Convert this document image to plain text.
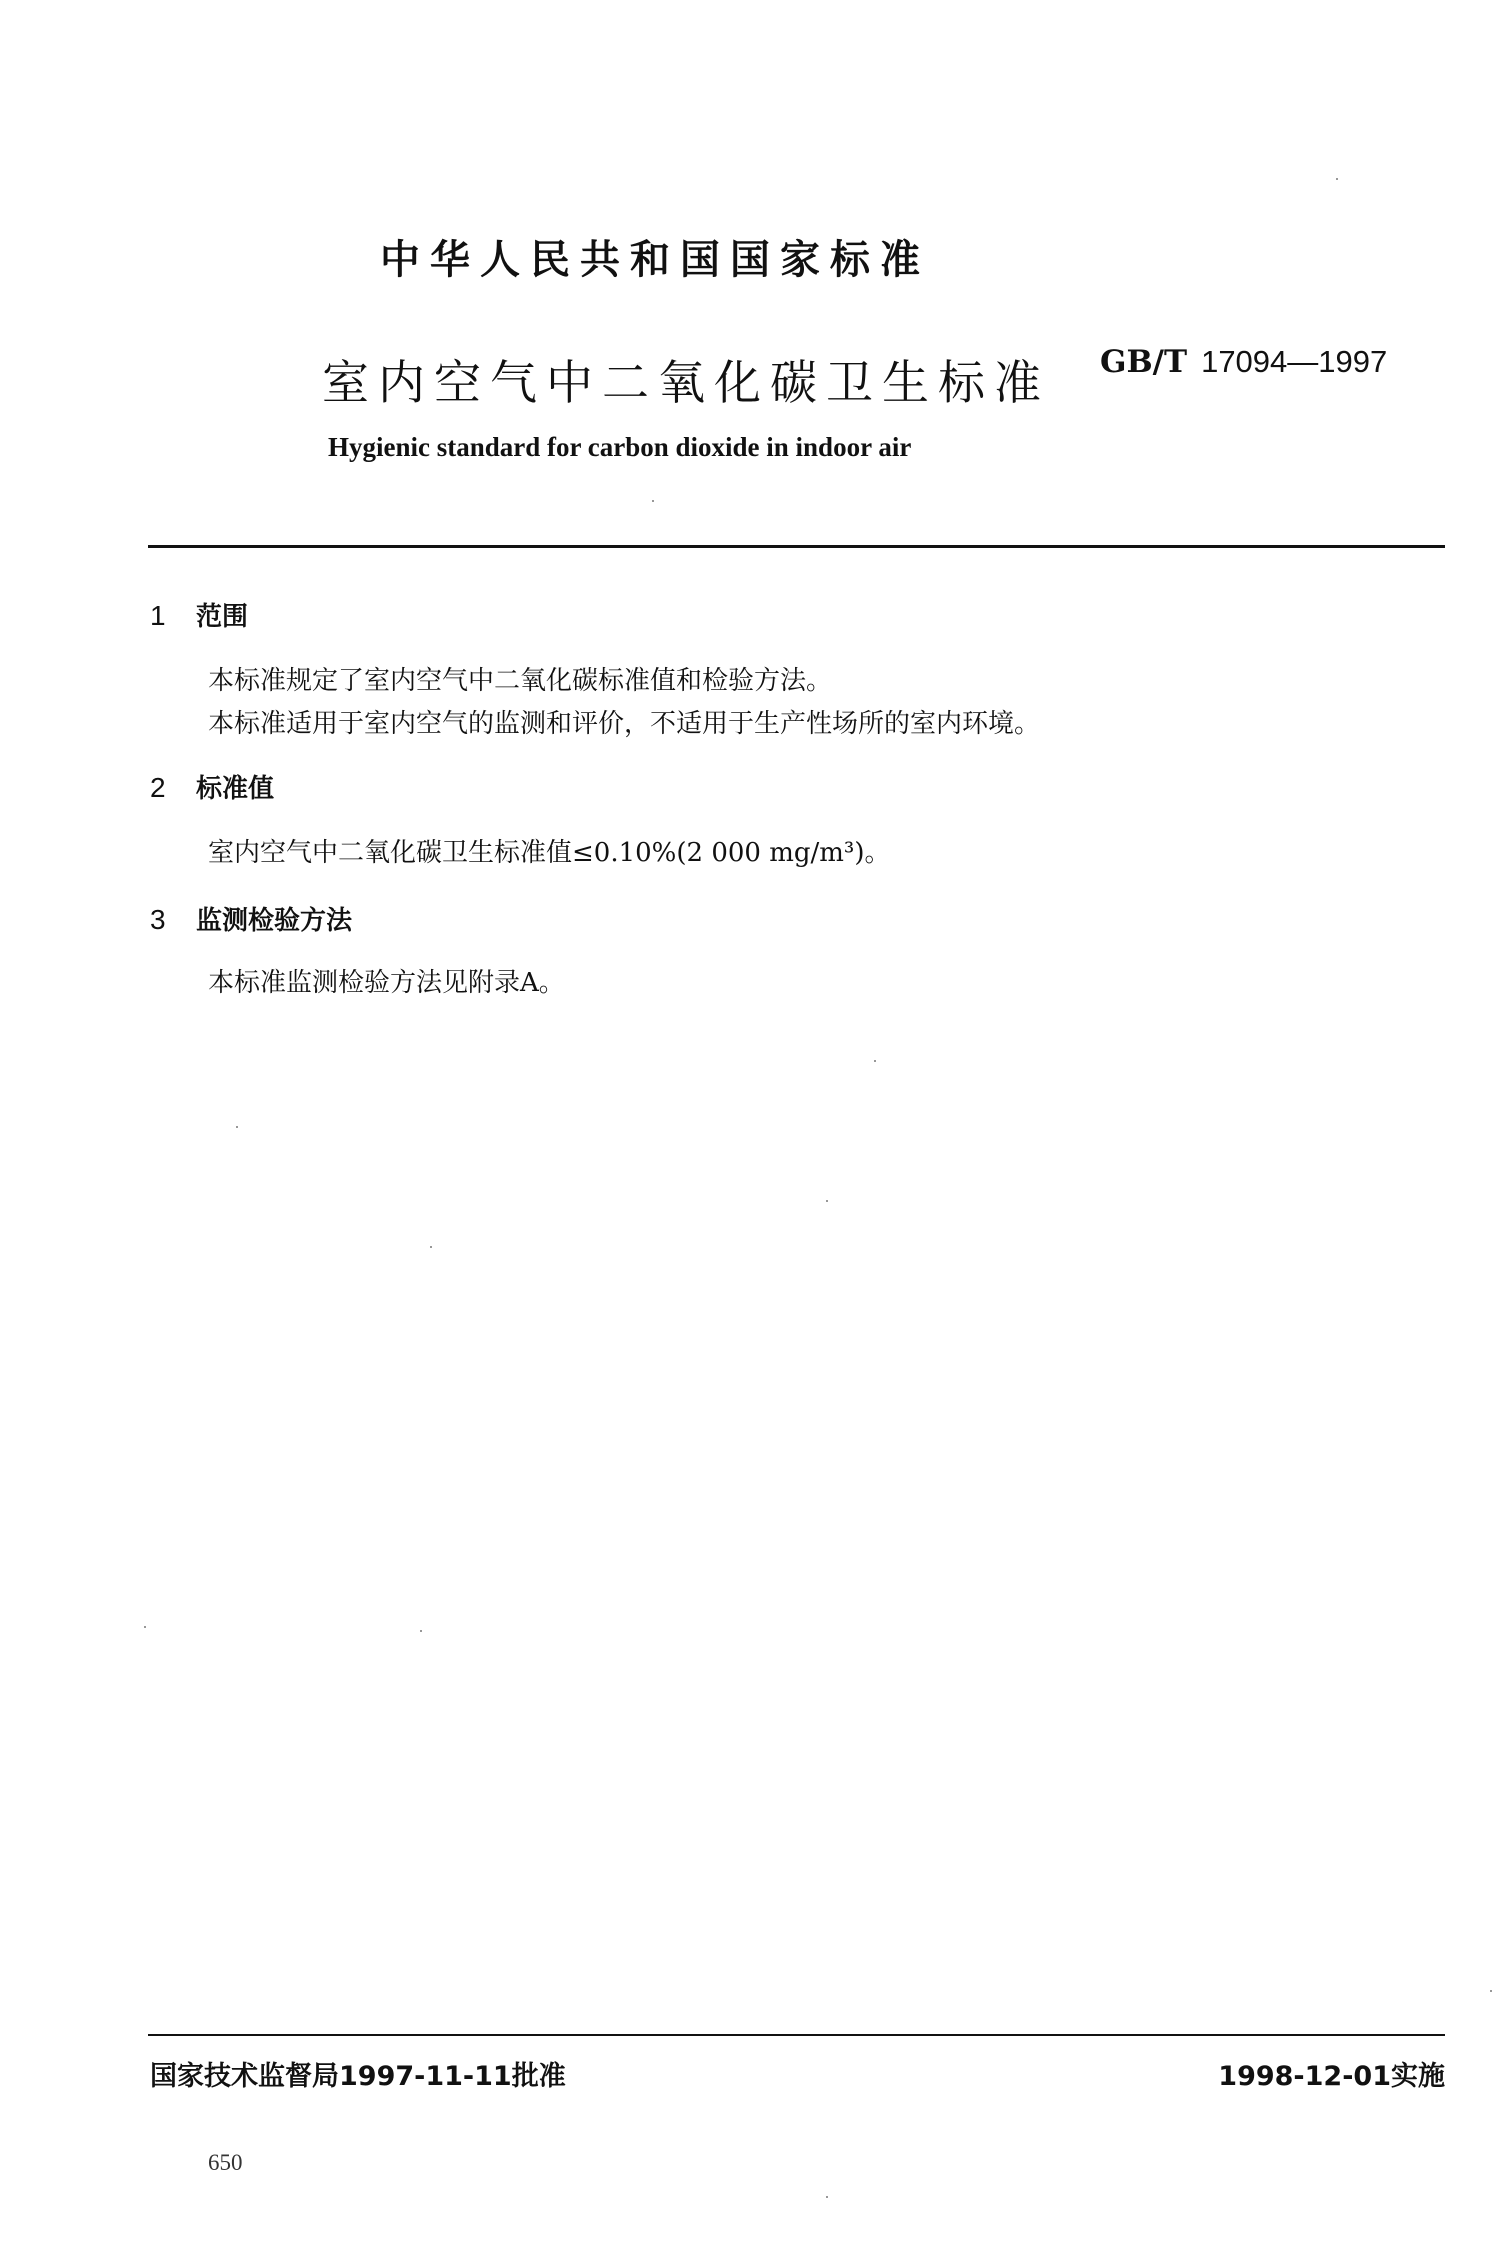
中华人民共和国国家标准
室内空气中二氧化碳卫生标准 GB/T 17094—1997
Hygienic standard for carbon dioxide in indoor air
1 范围
本标准规定了室内空气中二氧化碳标准值和检验方法。
本标准适用于室内空气的监测和评价，不适用于生产性场所的室内环境。
2 标准值
室内空气中二氧化碳卫生标准值≤0.10%(2 000 mg/m³)。
3 监测检验方法
本标准监测检验方法见附录A。
国家技术监督局1997-11-11批准	1998-12-01实施
650
